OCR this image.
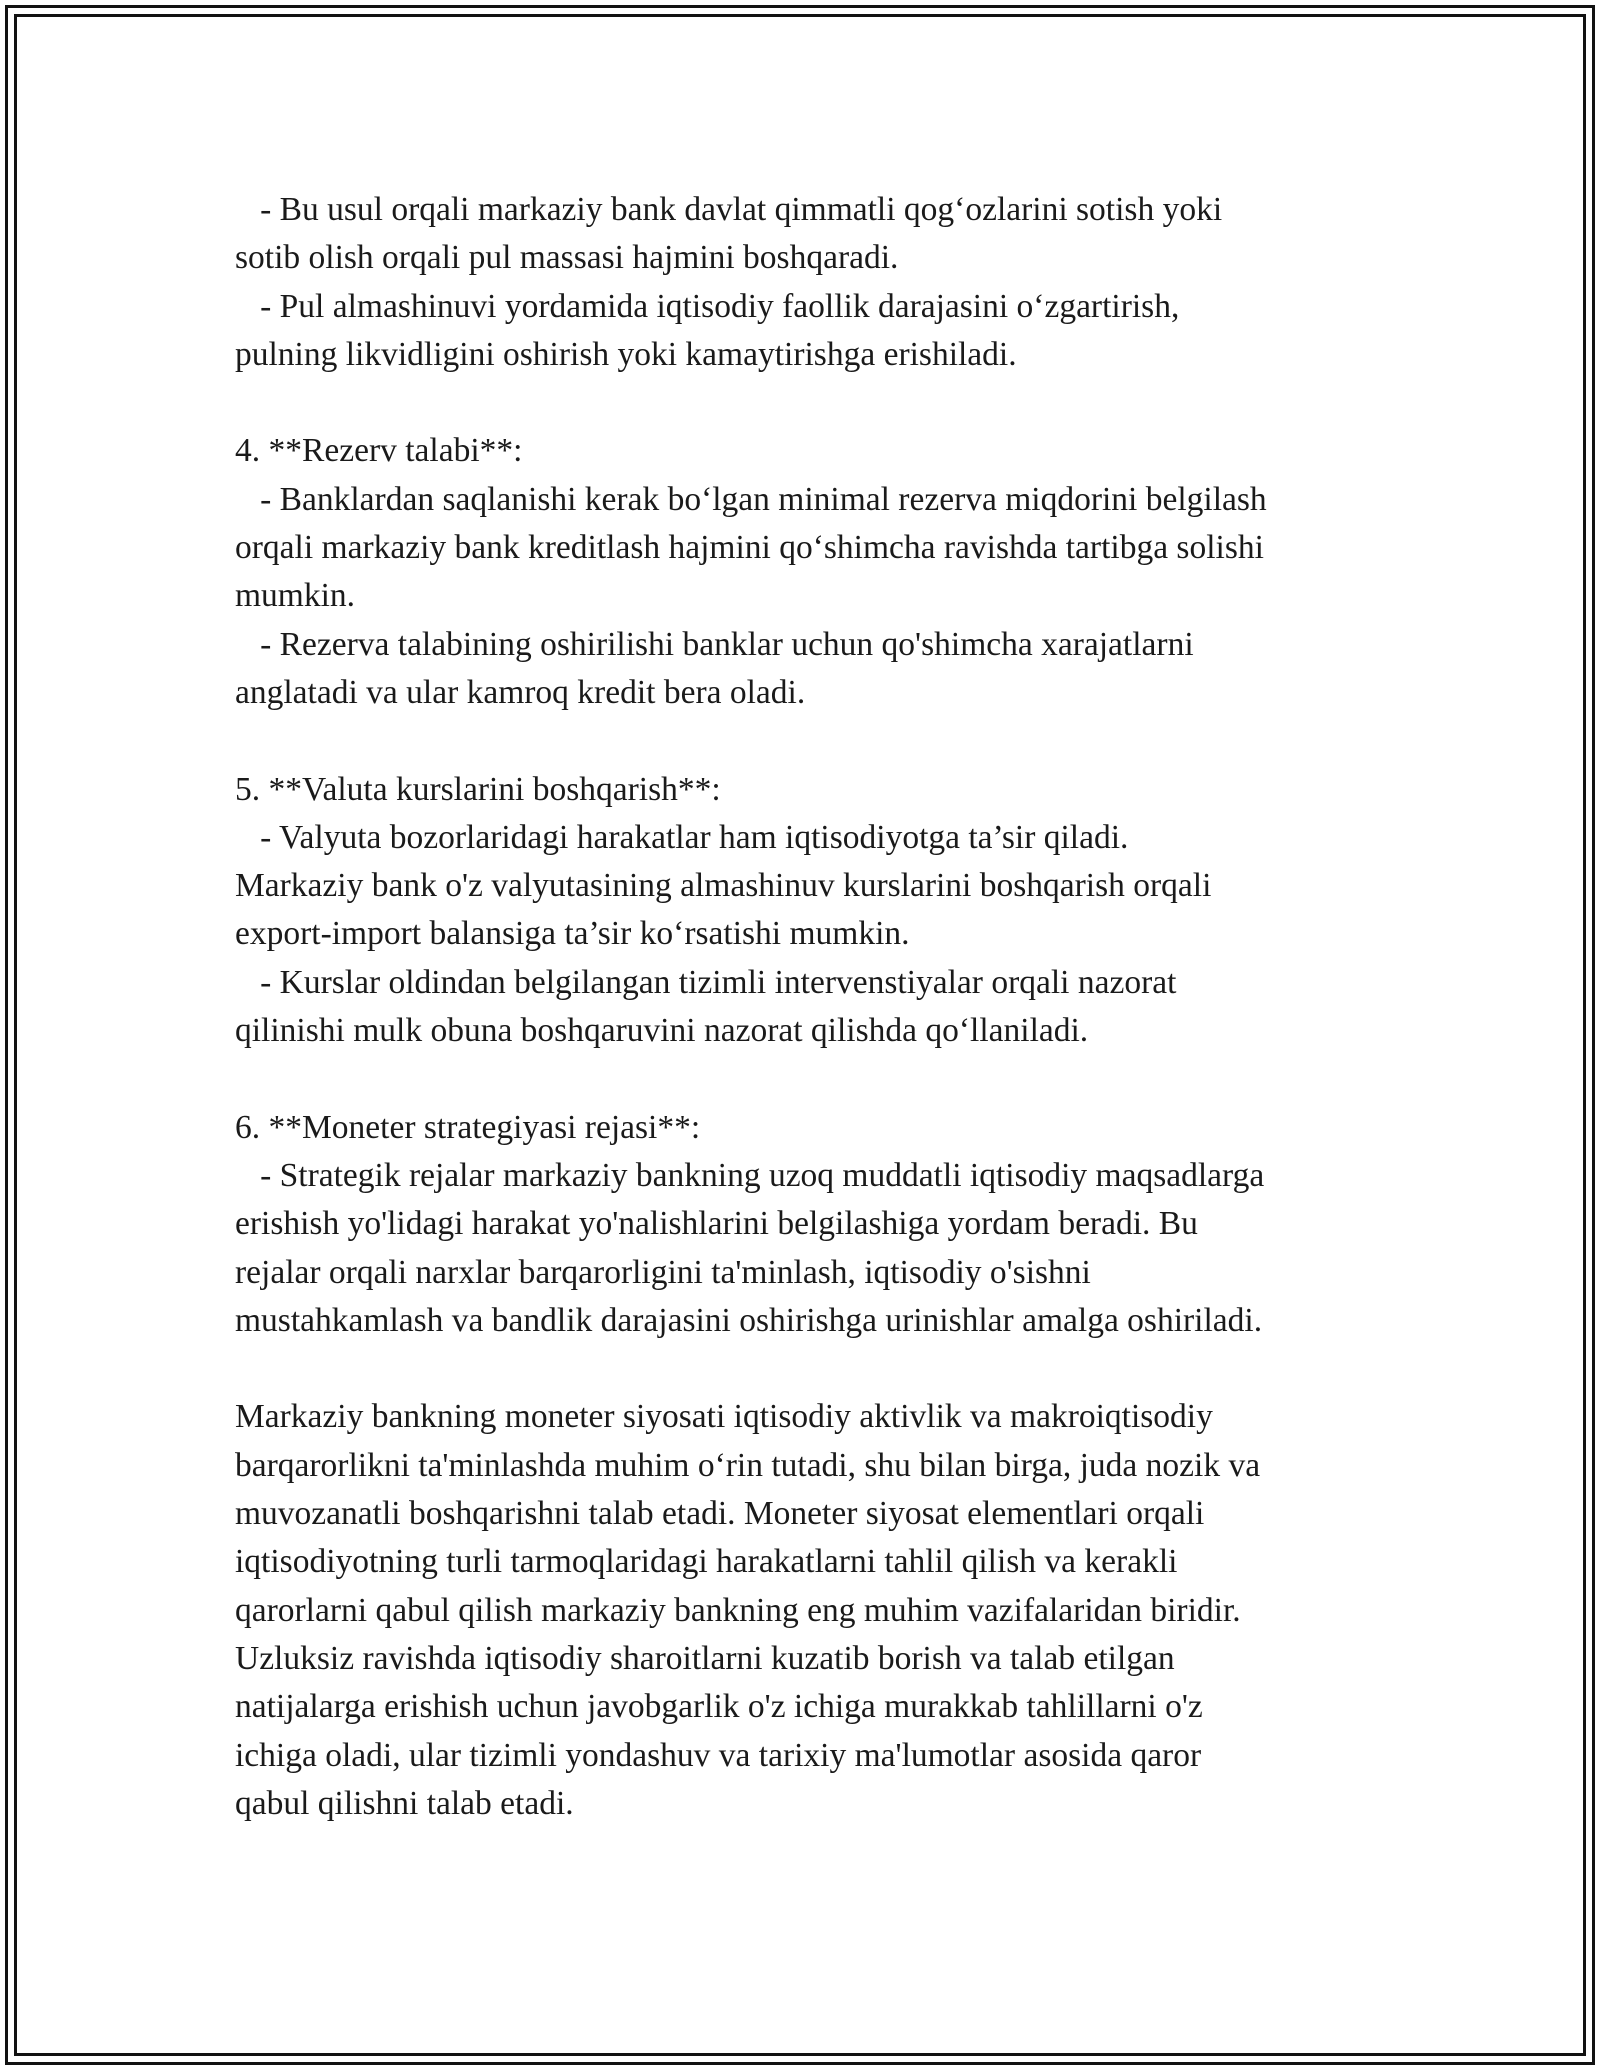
- Bu usul orqali markaziy bank davlat qimmatli qog‘ozlarini sotish yoki
sotib olish orqali pul massasi hajmini boshqaradi.
- Pul almashinuvi yordamida iqtisodiy faollik darajasini o‘zgartirish,
pulning likvidligini oshirish yoki kamaytirishga erishiladi.
4. **Rezerv talabi**:
- Banklardan saqlanishi kerak bo‘lgan minimal rezerva miqdorini belgilash
orqali markaziy bank kreditlash hajmini qo‘shimcha ravishda tartibga solishi
mumkin.
- Rezerva talabining oshirilishi banklar uchun qo'shimcha xarajatlarni
anglatadi va ular kamroq kredit bera oladi.
5. **Valuta kurslarini boshqarish**:
- Valyuta bozorlaridagi harakatlar ham iqtisodiyotga ta’sir qiladi.
Markaziy bank o'z valyutasining almashinuv kurslarini boshqarish orqali
export-import balansiga ta’sir ko‘rsatishi mumkin.
- Kurslar oldindan belgilangan tizimli intervenstiyalar orqali nazorat
qilinishi mulk obuna boshqaruvini nazorat qilishda qo‘llaniladi.
6. **Moneter strategiyasi rejasi**:
- Strategik rejalar markaziy bankning uzoq muddatli iqtisodiy maqsadlarga
erishish yo'lidagi harakat yo'nalishlarini belgilashiga yordam beradi. Bu
rejalar orqali narxlar barqarorligini ta'minlash, iqtisodiy o'sishni
mustahkamlash va bandlik darajasini oshirishga urinishlar amalga oshiriladi.
Markaziy bankning moneter siyosati iqtisodiy aktivlik va makroiqtisodiy
barqarorlikni ta'minlashda muhim o‘rin tutadi, shu bilan birga, juda nozik va
muvozanatli boshqarishni talab etadi. Moneter siyosat elementlari orqali
iqtisodiyotning turli tarmoqlaridagi harakatlarni tahlil qilish va kerakli
qarorlarni qabul qilish markaziy bankning eng muhim vazifalaridan biridir.
Uzluksiz ravishda iqtisodiy sharoitlarni kuzatib borish va talab etilgan
natijalarga erishish uchun javobgarlik o'z ichiga murakkab tahlillarni o'z
ichiga oladi, ular tizimli yondashuv va tarixiy ma'lumotlar asosida qaror
qabul qilishni talab etadi.
